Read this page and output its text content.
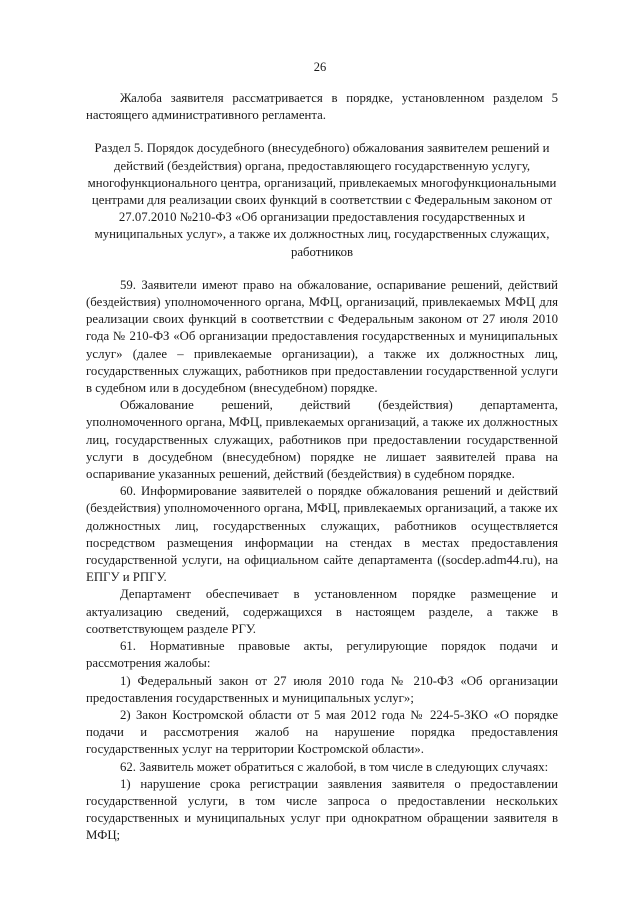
26

Жалоба заявителя рассматривается в порядке, установленном разделом 5 настоящего административного регламента.

Раздел 5. Порядок досудебного (внесудебного) обжалования заявителем решений и действий (бездействия) органа, предоставляющего государственную услугу, многофункционального центра, организаций, привлекаемых многофункциональными центрами для реализации своих функций в соответствии с Федеральным законом от 27.07.2010 №210-ФЗ «Об организации предоставления государственных и муниципальных услуг», а также их должностных лиц, государственных служащих, работников

59. Заявители имеют право на обжалование, оспаривание решений, действий (бездействия) уполномоченного органа, МФЦ, организаций, привлекаемых МФЦ для реализации своих функций в соответствии с Федеральным законом от 27 июля 2010 года № 210-ФЗ «Об организации предоставления государственных и муниципальных услуг» (далее – привлекаемые организации), а также их должностных лиц, государственных служащих, работников при предоставлении государственной услуги в судебном или в досудебном (внесудебном) порядке.

Обжалование решений, действий (бездействия) департамента, уполномоченного органа, МФЦ, привлекаемых организаций, а также их должностных лиц, государственных служащих, работников при предоставлении государственной услуги в досудебном (внесудебном) порядке не лишает заявителей права на оспаривание указанных решений, действий (бездействия) в судебном порядке.

60. Информирование заявителей о порядке обжалования решений и действий (бездействия) уполномоченного органа, МФЦ, привлекаемых организаций, а также их должностных лиц, государственных служащих, работников осуществляется посредством размещения информации на стендах в местах предоставления государственной услуги, на официальном сайте департамента ((socdep.adm44.ru), на ЕПГУ и РПГУ.

Департамент обеспечивает в установленном порядке размещение и актуализацию сведений, содержащихся в настоящем разделе, а также в соответствующем разделе РГУ.

61. Нормативные правовые акты, регулирующие порядок подачи и рассмотрения жалобы:

1) Федеральный закон от 27 июля 2010 года № 210-ФЗ «Об организации предоставления государственных и муниципальных услуг»;

2) Закон Костромской области от 5 мая 2012 года № 224-5-ЗКО «О порядке подачи и рассмотрения жалоб на нарушение порядка предоставления государственных услуг на территории Костромской области».

62. Заявитель может обратиться с жалобой, в том числе в следующих случаях:

1) нарушение срока регистрации заявления заявителя о предоставлении государственной услуги, в том числе запроса о предоставлении нескольких государственных и муниципальных услуг при однократном обращении заявителя в МФЦ;
